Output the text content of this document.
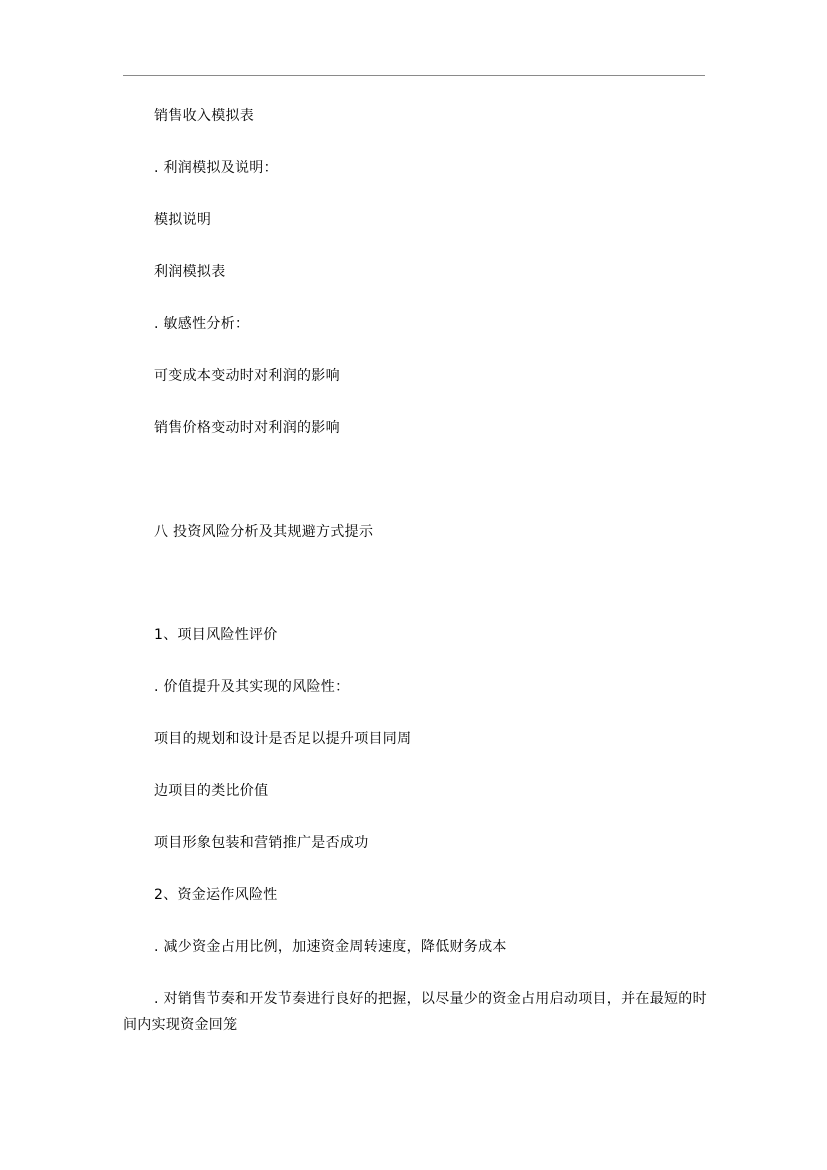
销售收入模拟表
. 利润模拟及说明：
模拟说明
利润模拟表
. 敏感性分析：
可变成本变动时对利润的影响
销售价格变动时对利润的影响
八 投资风险分析及其规避方式提示
1、项目风险性评价
. 价值提升及其实现的风险性：
项目的规划和设计是否足以提升项目同周
边项目的类比价值
项目形象包装和营销推广是否成功
2、资金运作风险性
. 减少资金占用比例，加速资金周转速度，降低财务成本
. 对销售节奏和开发节奏进行良好的把握，以尽量少的资金占用启动项目，并在最短的时间内实现资金回笼
